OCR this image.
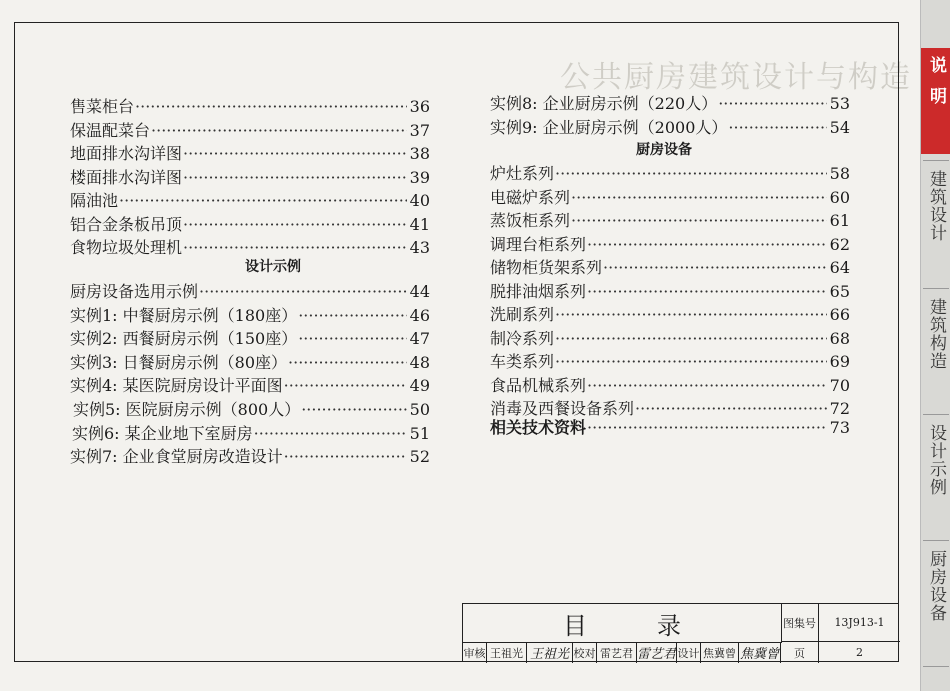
公共厨房建筑设计与构造
售菜柜台 ·····	36
保温配菜台 ·····	37
地面排水沟详图 ·····	38
楼面排水沟详图 ·····	39
隔油池 ·····	40
铝合金条板吊顶 ·····	41
食物垃圾处理机 ·····	43
厨房设备选用示例 ·····	44
实例1: 中餐厨房示例（180座） ·····	46
实例2: 西餐厨房示例（150座） ·····	47
实例3: 日餐厨房示例（80座） ·····	48
实例4: 某医院厨房设计平面图 ·····	49
实例5: 医院厨房示例（800人） ·····	50
实例6: 某企业地下室厨房 ·····	51
实例7: 企业食堂厨房改造设计 ·····	52
实例8: 企业厨房示例（220人） ·····	53
实例9: 企业厨房示例（2000人） ·····	54
炉灶系列 ·····	58
电磁炉系列 ·····	60
蒸饭柜系列 ·····	61
调理台柜系列 ·····	62
储物柜货架系列 ·····	64
脱排油烟系列 ·····	65
洗刷系列 ·····	66
制冷系列 ·····	68
车类系列 ·····	69
食品机械系列 ·····	70
消毒及西餐设备系列 ·····	72
相关技术资料 ·····	73
设计示例
厨房设备
目录	图集号	13J913-1
审核 王祖光 王祖光 校对 雷艺君 雷艺君 设计 焦冀曾 焦冀曾	页	2
说明
建筑设计
建筑构造
设计示例
厨房设备
